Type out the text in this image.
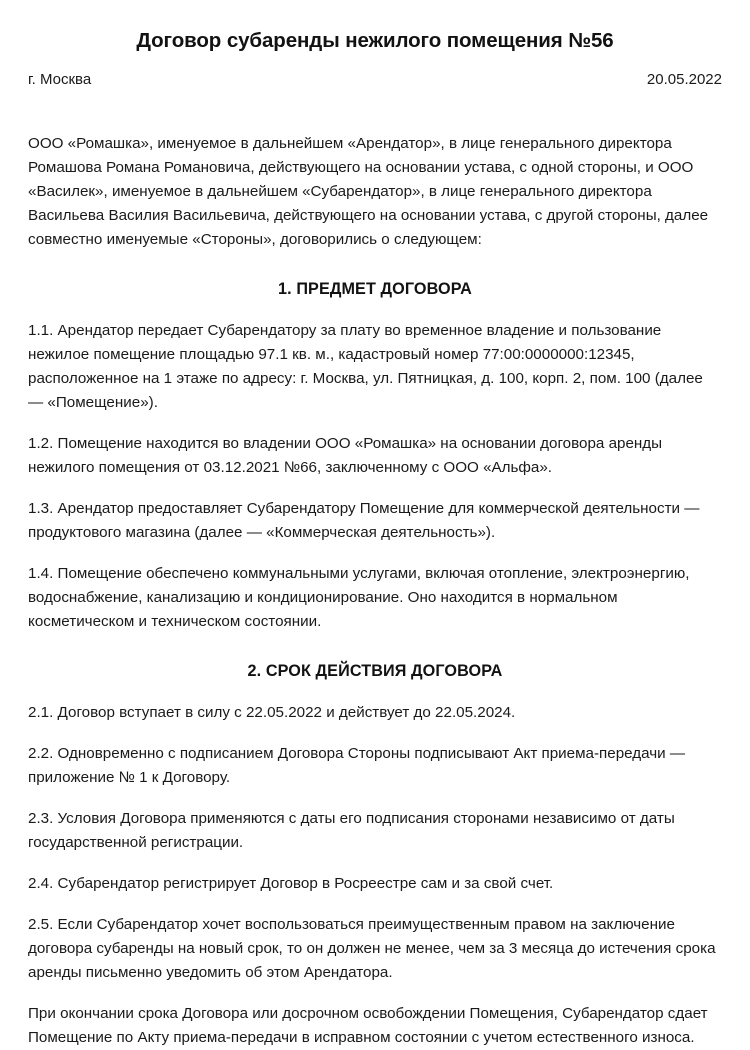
Договор субаренды нежилого помещения №56
г. Москва	20.05.2022

ООО «Ромашка», именуемое в дальнейшем «Арендатор», в лице генерального директора Ромашова Романа Романовича, действующего на основании устава, с одной стороны, и ООО «Василек», именуемое в дальнейшем «Субарендатор», в лице генерального директора Васильева Василия Васильевича, действующего на основании устава, с другой стороны, далее совместно именуемые «Стороны», договорились о следующем:

1. ПРЕДМЕТ ДОГОВОРА

1.1. Арендатор передает Субарендатору за плату во временное владение и пользование нежилое помещение площадью 97.1 кв. м., кадастровый номер 77:00:0000000:12345, расположенное на 1 этаже по адресу: г. Москва, ул. Пятницкая, д. 100, корп. 2, пом. 100 (далее — «Помещение»).

1.2. Помещение находится во владении ООО «Ромашка» на основании договора аренды нежилого помещения от 03.12.2021 №66, заключенному с ООО «Альфа».

1.3. Арендатор предоставляет Субарендатору Помещение для коммерческой деятельности — продуктового магазина (далее — «Коммерческая деятельность»).

1.4. Помещение обеспечено коммунальными услугами, включая отопление, электроэнергию, водоснабжение, канализацию и кондиционирование. Оно находится в нормальном косметическом и техническом состоянии.

2. СРОК ДЕЙСТВИЯ ДОГОВОРА

2.1. Договор вступает в силу с 22.05.2022 и действует до 22.05.2024.

2.2. Одновременно с подписанием Договора Стороны подписывают Акт приема-передачи — приложение № 1 к Договору.

2.3. Условия Договора применяются с даты его подписания сторонами независимо от даты государственной регистрации.

2.4. Субарендатор регистрирует Договор в Росреестре сам и за свой счет.

2.5. Если Субарендатор хочет воспользоваться преимущественным правом на заключение договора субаренды на новый срок, то он должен не менее, чем за 3 месяца до истечения срока аренды письменно уведомить об этом Арендатора.

При окончании срока Договора или досрочном освобождении Помещения, Субарендатор сдает Помещение по Акту приема-передачи в исправном состоянии с учетом естественного износа.
